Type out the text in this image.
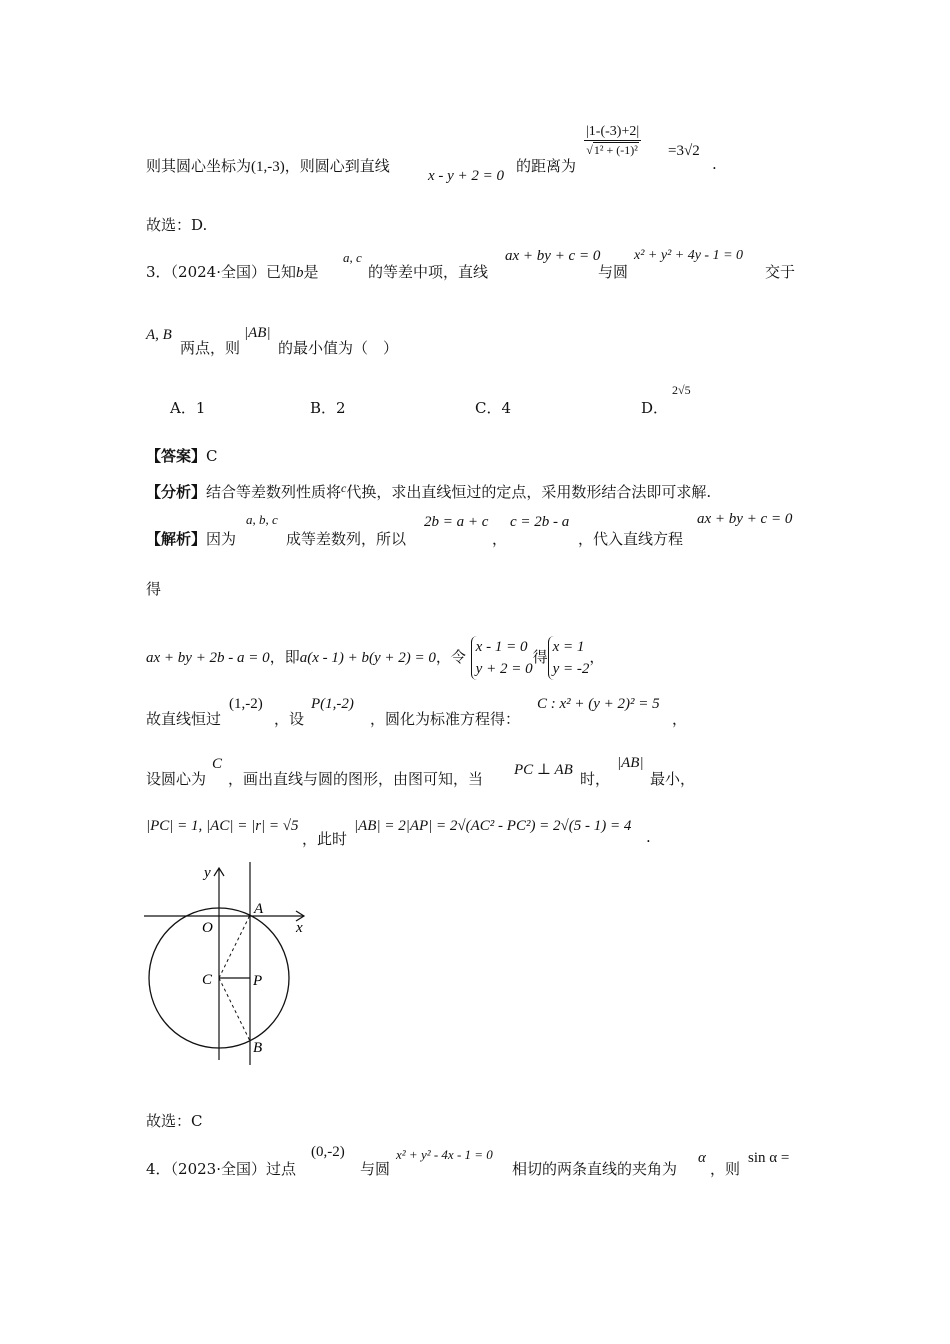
则其圆心坐标为(1,-3)，则圆心到直线
x - y + 2 = 0
的距离为
|1-(-3)+2|
√1² + (-1)² =3√2
.
故选：D.
3．（2024·全国）已知b是
a, c
的等差中项，直线
ax + by + c = 0
与圆
x² + y² + 4y - 1 = 0
交于
A, B
两点，则
|AB|
的最小值为（　）
A．1	B．2	C．4	D．
2√5
【答案】C
【分析】结合等差数列性质将$^c$代换，求出直线恒过的定点，采用数形结合法即可求解.
【解析】因为
a, b, c
成等差数列，所以
2b = a + c
，
c = 2b - a
，代入直线方程
ax + by + c = 0
得
ax + by + 2b - a = 0，即a(x - 1) + b(y + 2) = 0，令 x - 1 = 0
y + 2 = 0得x = 1
y = -2，
故直线恒过
(1,-2)
，设
P(1,-2)
，圆化为标准方程得：
C : x² + (y + 2)² = 5
，
设圆心为
C
，画出直线与圆的图形，由图可知，当 PC ⊥ AB 时，
|AB|
最小，
|PC| = 1, |AC| = |r| = √5
，此时
|AB| = 2|AP| = 2√(AC² - PC²) = 2√(5 - 1) = 4
.
y
x
O
A
C	P
B
故选：C
4．（2023·全国）过点
(0,-2)
与圆
x² + y² - 4x - 1 = 0
相切的两条直线的夹角为
α
，则
sin α =
